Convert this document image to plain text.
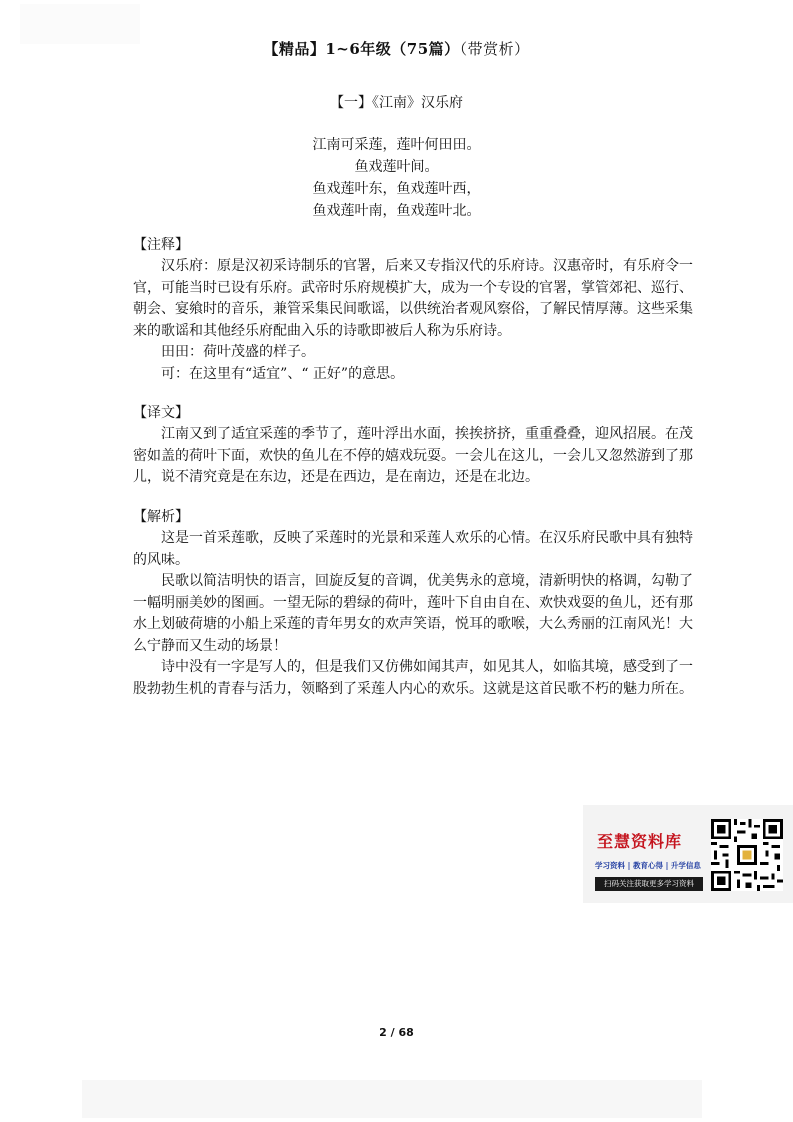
【精品】1~6年级（75篇）（带赏析）
【一】《江南》汉乐府
江南可采莲，莲叶何田田。
鱼戏莲叶间。
鱼戏莲叶东，鱼戏莲叶西，
鱼戏莲叶南，鱼戏莲叶北。
【注释】

汉乐府：原是汉初采诗制乐的官署，后来又专指汉代的乐府诗。汉惠帝时，有乐府令一官，可能当时已设有乐府。武帝时乐府规模扩大，成为一个专设的官署，掌管郊祀、巡行、朝会、宴飨时的音乐，兼管采集民间歌谣，以供统治者观风察俗，了解民情厚薄。这些采集来的歌谣和其他经乐府配曲入乐的诗歌即被后人称为乐府诗。

田田：荷叶茂盛的样子。

可：在这里有“适宜”、“ 正好”的意思。

【译文】

江南又到了适宜采莲的季节了，莲叶浮出水面，挨挨挤挤，重重叠叠，迎风招展。在茂密如盖的荷叶下面，欢快的鱼儿在不停的嬉戏玩耍。一会儿在这儿，一会儿又忽然游到了那儿，说不清究竟是在东边，还是在西边，是在南边，还是在北边。

【解析】

这是一首采莲歌，反映了采莲时的光景和采莲人欢乐的心情。在汉乐府民歌中具有独特的风味。

民歌以简洁明快的语言，回旋反复的音调，优美隽永的意境，清新明快的格调，勾勒了一幅明丽美妙的图画。一望无际的碧绿的荷叶，莲叶下自由自在、欢快戏耍的鱼儿，还有那水上划破荷塘的小船上采莲的青年男女的欢声笑语，悦耳的歌喉，大么秀丽的江南风光！大么宁静而又生动的场景！

诗中没有一字是写人的，但是我们又仿佛如闻其声，如见其人，如临其境，感受到了一股勃勃生机的青春与活力，领略到了采莲人内心的欢乐。这就是这首民歌不朽的魅力所在。

至慧资料库
学习资料 | 教育心得 | 升学信息
扫码关注获取更多学习资料
2 / 68
